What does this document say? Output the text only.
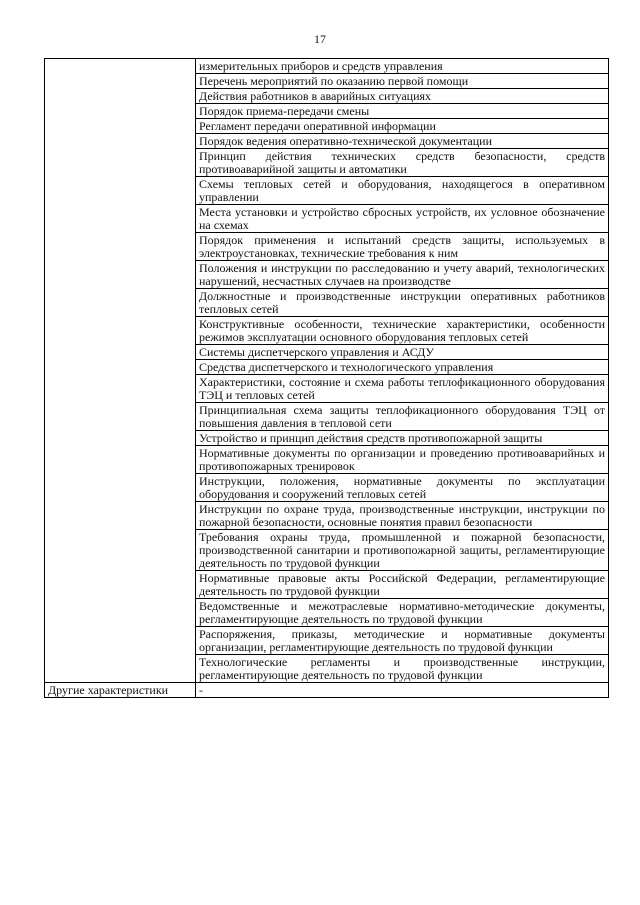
17
	измерительных приборов и средств управления
	Перечень мероприятий по оказанию первой помощи
	Действия работников в аварийных ситуациях
	Порядок приема-передачи смены
	Регламент передачи оперативной информации
	Порядок ведения оперативно-технической документации
	Принцип действия технических средств безопасности, средств противоаварийной защиты и автоматики
	Схемы тепловых сетей и оборудования, находящегося в оперативном управлении
	Места установки и устройство сбросных устройств, их условное обозначение на схемах
	Порядок применения и испытаний средств защиты, используемых в электроустановках, технические требования к ним
	Положения и инструкции по расследованию и учету аварий, технологических нарушений, несчастных случаев на производстве
	Должностные и производственные инструкции оперативных работников тепловых сетей
	Конструктивные особенности, технические характеристики, особенности режимов эксплуатации основного оборудования тепловых сетей
	Системы диспетчерского управления и АСДУ
	Средства диспетчерского и технологического управления
	Характеристики, состояние и схема работы теплофикационного оборудования ТЭЦ и тепловых сетей
	Принципиальная схема защиты теплофикационного оборудования ТЭЦ от повышения давления в тепловой сети
	Устройство и принцип действия средств противопожарной защиты
	Нормативные документы по организации и проведению противоаварийных и противопожарных тренировок
	Инструкции, положения, нормативные документы по эксплуатации оборудования и сооружений тепловых сетей
	Инструкции по охране труда, производственные инструкции, инструкции по пожарной безопасности, основные понятия правил безопасности
	Требования охраны труда, промышленной и пожарной безопасности, производственной санитарии и противопожарной защиты, регламентирующие деятельность по трудовой функции
	Нормативные правовые акты Российской Федерации, регламентирующие деятельность по трудовой функции
	Ведомственные и межотраслевые нормативно-методические документы, регламентирующие деятельность по трудовой функции
	Распоряжения, приказы, методические и нормативные документы организации, регламентирующие деятельность по трудовой функции
	Технологические регламенты и производственные инструкции, регламентирующие деятельность по трудовой функции
Другие характеристики	-
